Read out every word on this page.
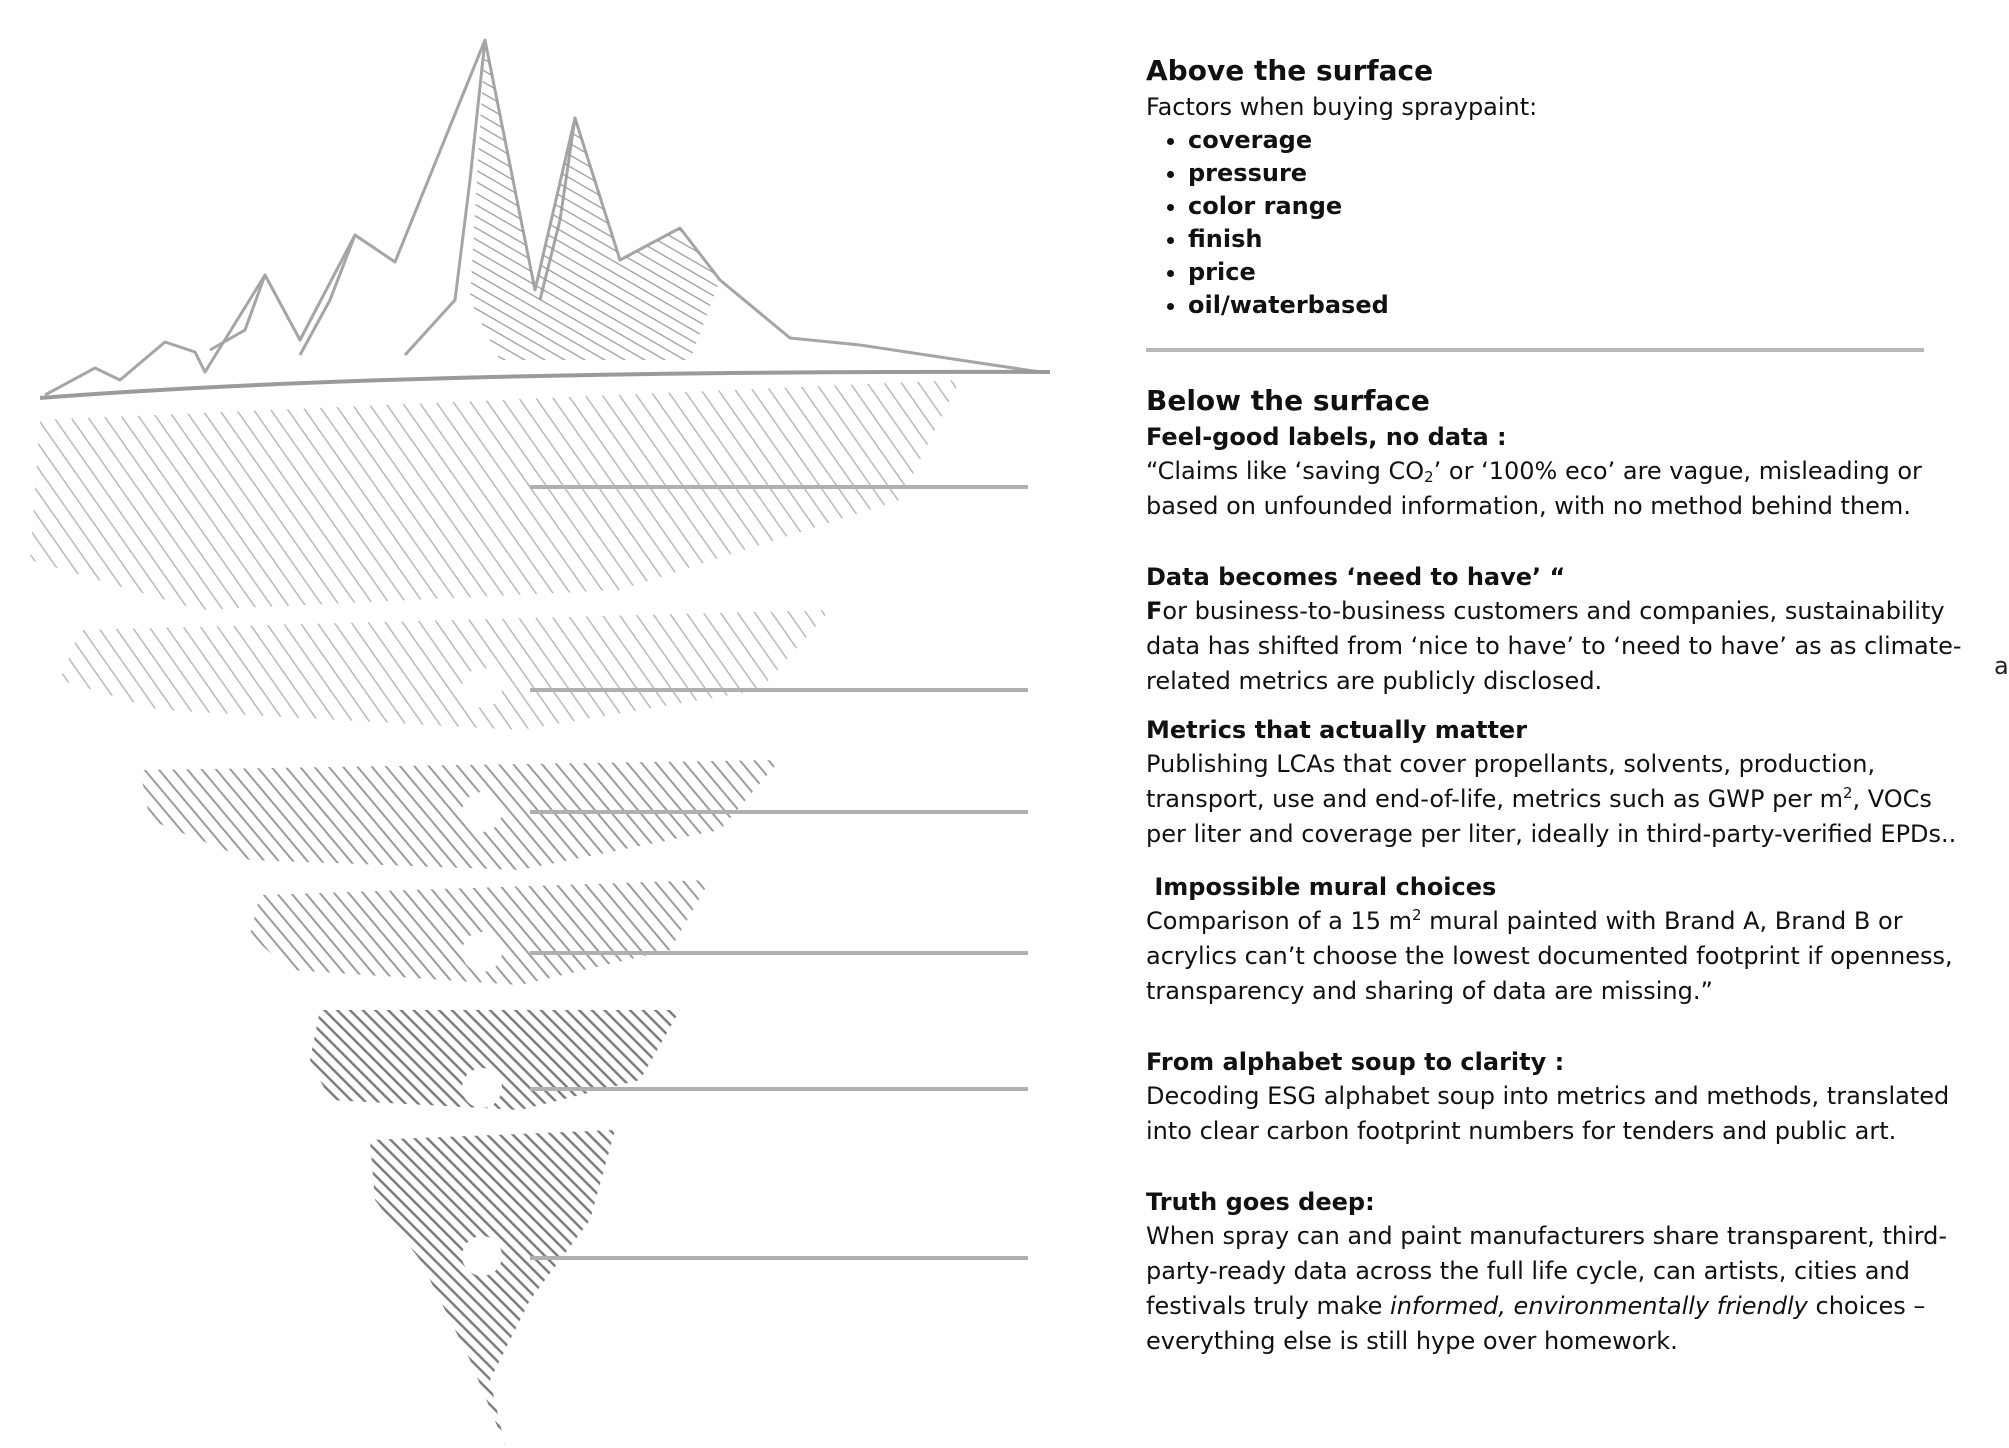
Above the surface
Factors when buying spraypaint:
• coverage
• pressure
• color range
• finish
• price
• oil/waterbased
Below the surface
Feel-good labels, no data :
“Claims like ‘saving $CO_2$’ or ‘100% eco’ are vague, misleading or based on unfounded information, with no method behind them.
Data becomes ‘need to have’ “
For business-to-business customers and companies, sustainability data has shifted from ‘nice to have’ to ‘need to have’ as as climate-related metrics are publicly disclosed.
Metrics that actually matter
Publishing LCAs that cover propellants, solvents, production, transport, use and end-of-life, metrics such as GWP per $m^2$, VOCs per liter and coverage per liter, ideally in third-party-verified EPDs..
Impossible mural choices
Comparison of a 15 $m^2$ mural painted with Brand A, Brand B or acrylics can’t choose the lowest documented footprint if openness, transparency and sharing of data are missing.”
From alphabet soup to clarity :
Decoding ESG alphabet soup into metrics and methods, translated into clear carbon footprint numbers for tenders and public art.
Truth goes deep:
When spray can and paint manufacturers share transparent, third-party-ready data across the full life cycle, can artists, cities and festivals truly make informed, environmentally friendly choices – everything else is still hype over homework.
a
